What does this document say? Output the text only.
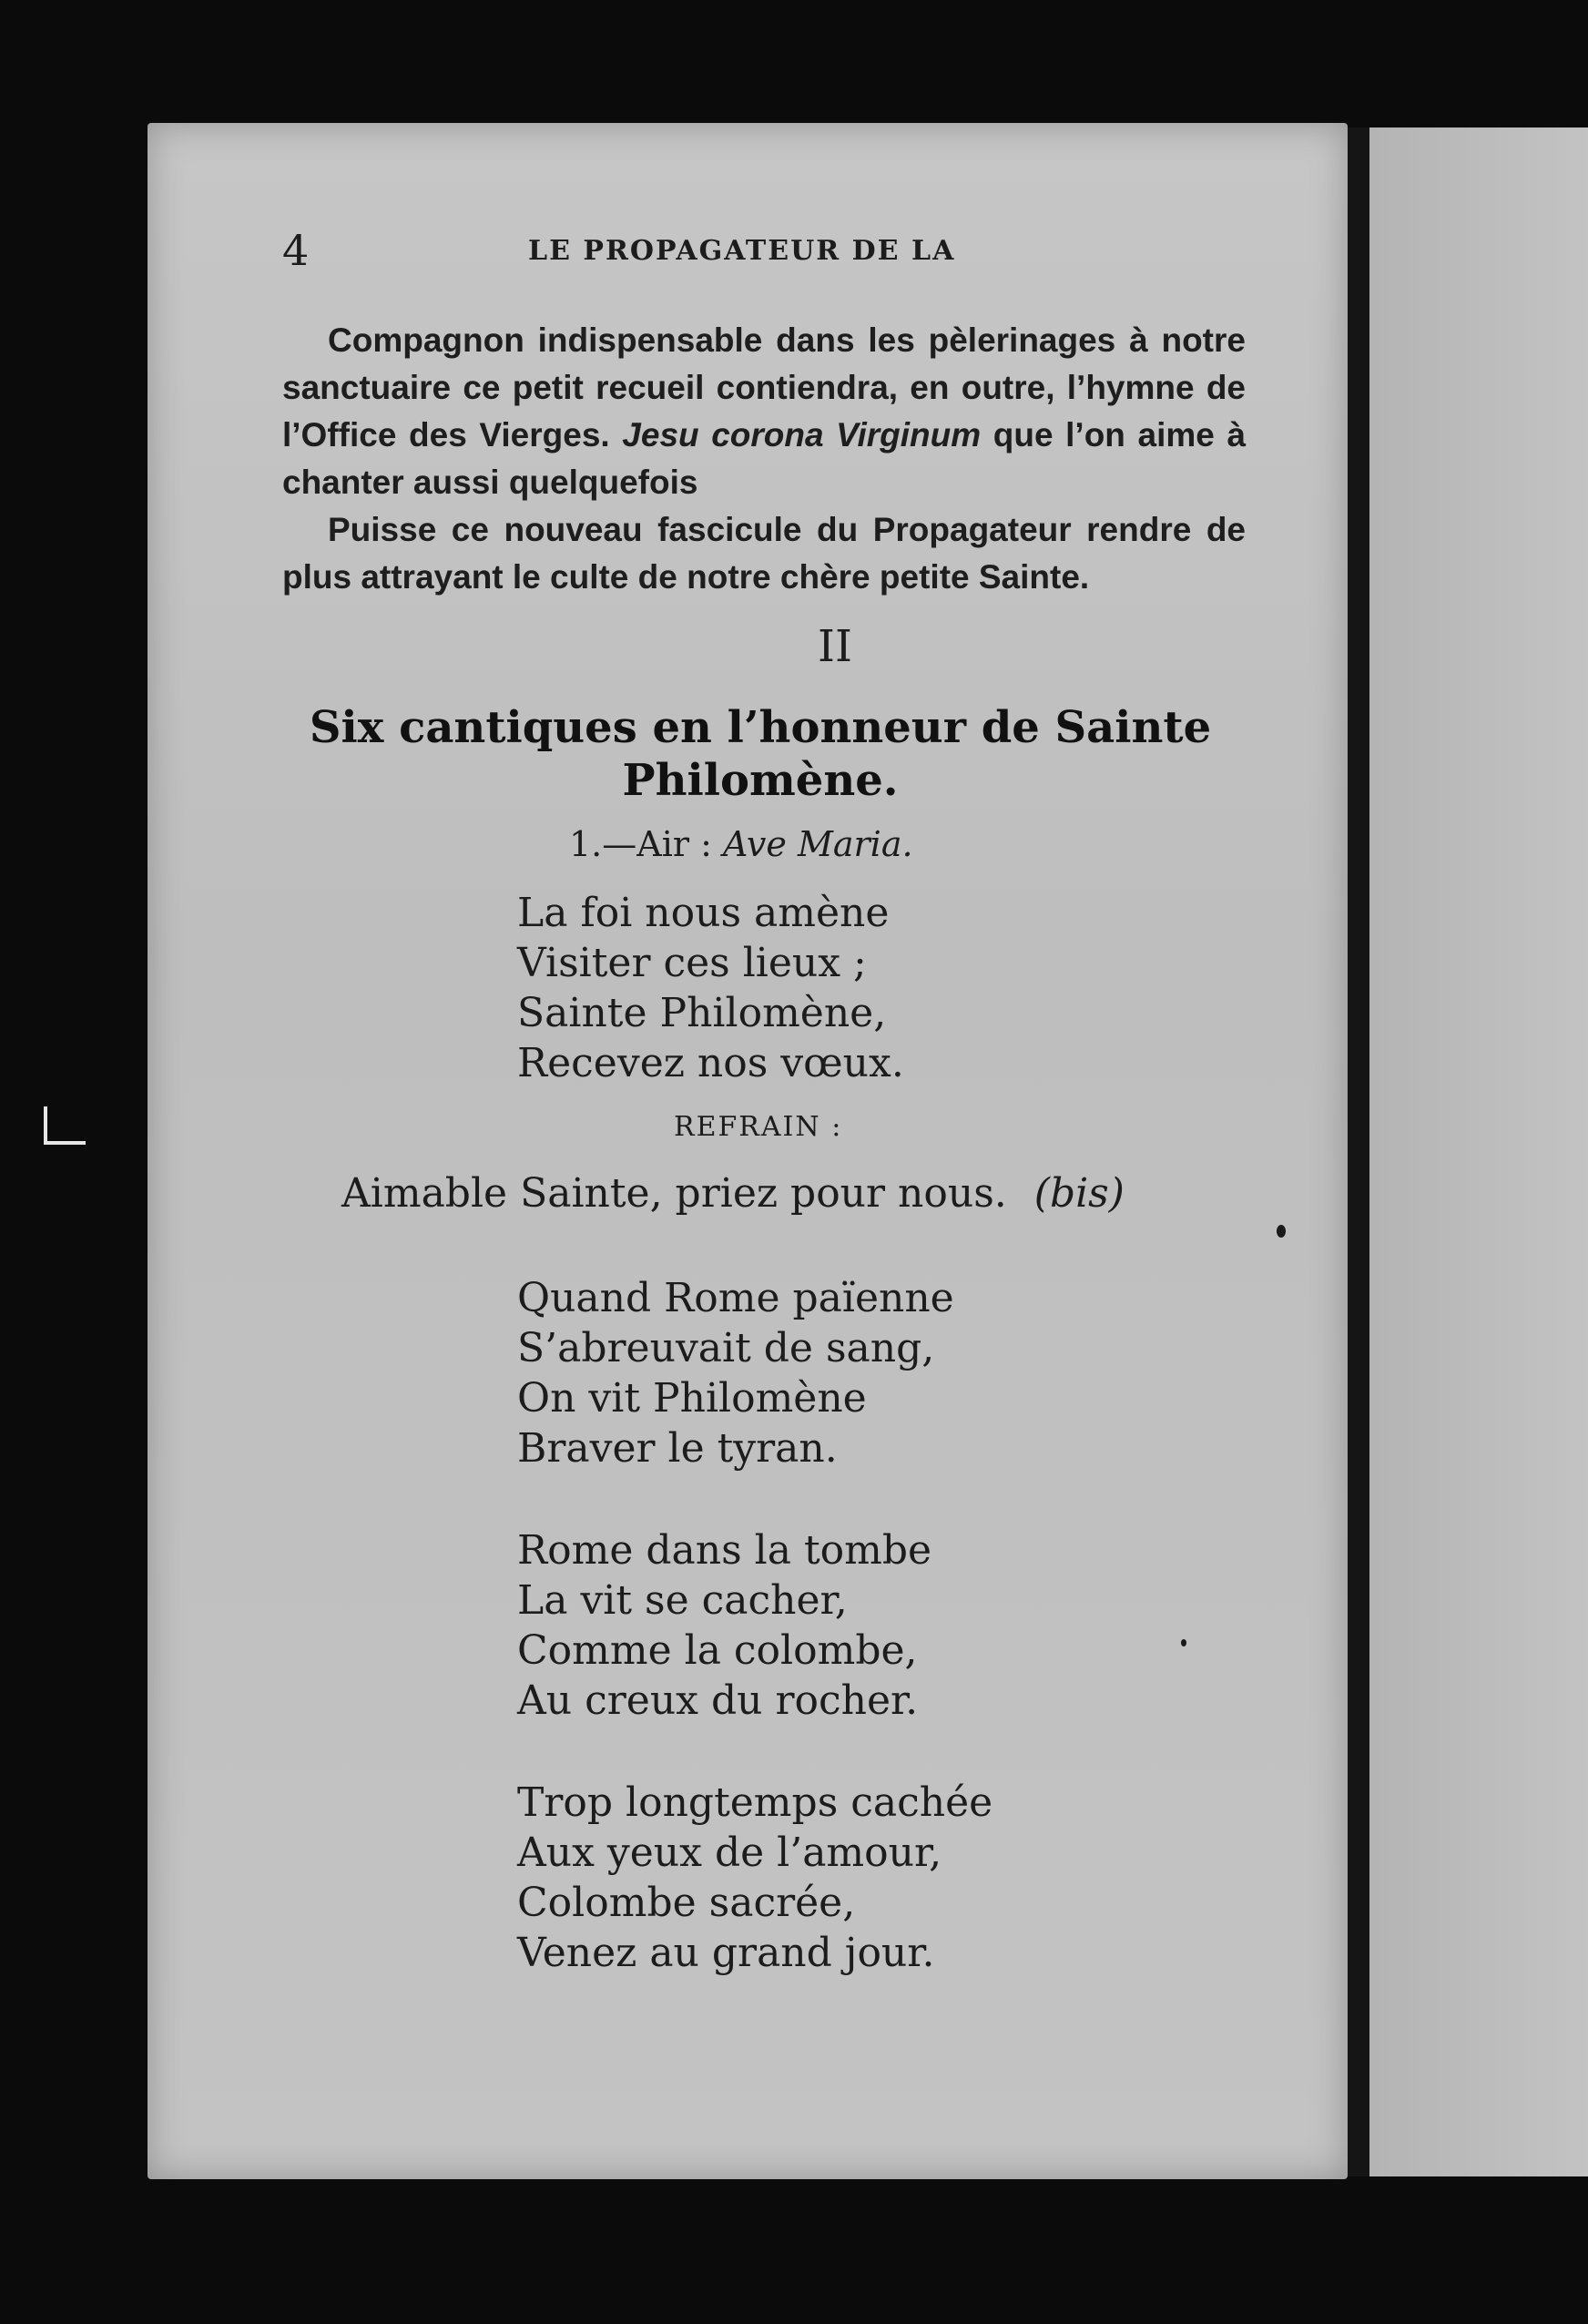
4	LE PROPAGATEUR DE LA

Compagnon indispensable dans les pèlerinages à notre sanctuaire ce petit recueil contiendra, en outre, l’hymne de l’Office des Vierges. Jesu corona Virginum que l’on aime à chanter aussi quelquefois

Puisse ce nouveau fascicule du Propagateur rendre de plus attrayant le culte de notre chère petite Sainte.

II
Six cantiques en l’honneur de Sainte Philomène.
1.—Air : Ave Maria.
La foi nous amène
Visiter ces lieux ;
Sainte Philomène,
Recevez nos vœux.
REFRAIN :
Aimable Sainte, priez pour nous. (bis)
Quand Rome païenne
S’abreuvait de sang,
On vit Philomène
Braver le tyran.
Rome dans la tombe
La vit se cacher,
Comme la colombe,
Au creux du rocher.
Trop longtemps cachée
Aux yeux de l’amour,
Colombe sacrée,
Venez au grand jour.
